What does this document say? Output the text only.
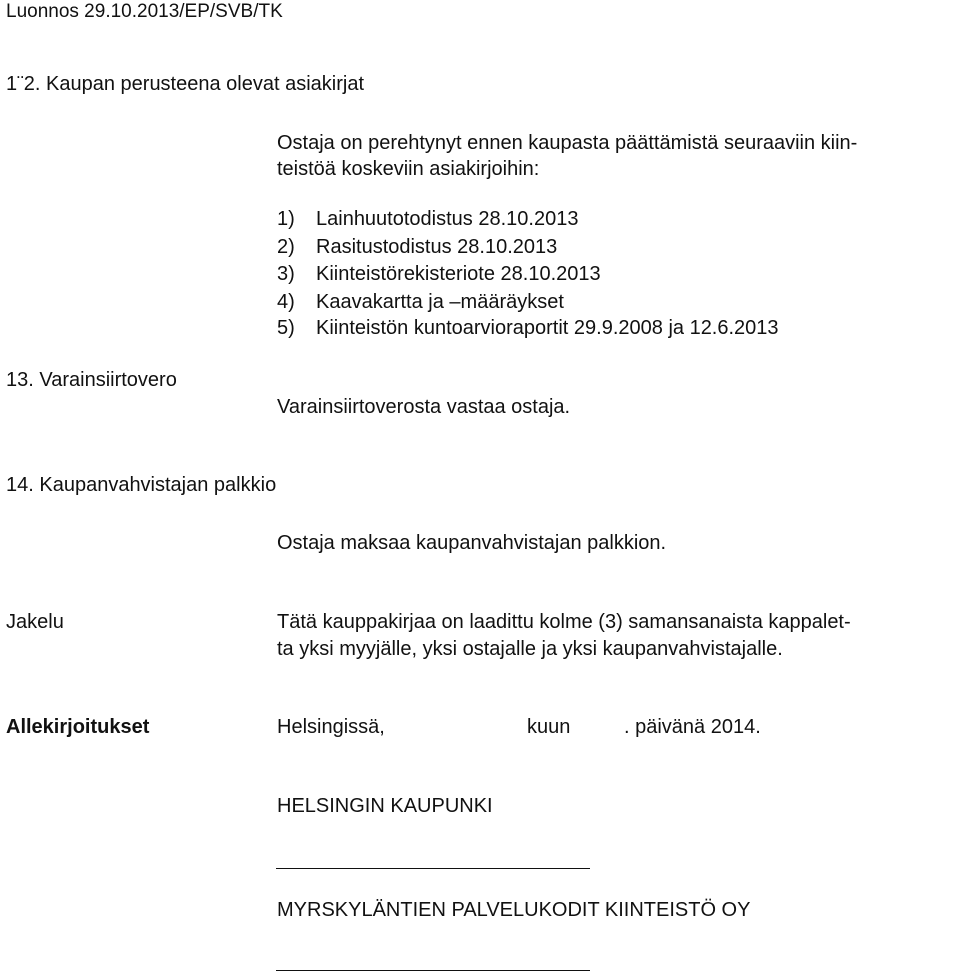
Luonnos 29.10.2013/EP/SVB/TK
1¨2. Kaupan perusteena olevat asiakirjat
Ostaja on perehtynyt ennen kaupasta päättämistä seuraaviin kiin-
teistöä koskeviin asiakirjoihin:
1) Lainhuutotodistus 28.10.2013
2) Rasitustodistus 28.10.2013
3) Kiinteistörekisteriote 28.10.2013
4) Kaavakartta ja –määräykset
5) Kiinteistön kuntoarvioraportit 29.9.2008 ja 12.6.2013
13. Varainsiirtovero
Varainsiirtoverosta vastaa ostaja.
14. Kaupanvahvistajan palkkio
Ostaja maksaa kaupanvahvistajan palkkion.
Jakelu	Tätä kauppakirjaa on laadittu kolme (3) samansanaista kappalet-
ta yksi myyjälle, yksi ostajalle ja yksi kaupanvahvistajalle.
Allekirjoitukset	Helsingissä,	kuun	. päivänä 2014.
HELSINGIN KAUPUNKI
MYRSKYLÄNTIEN PALVELUKODIT KIINTEISTÖ OY
